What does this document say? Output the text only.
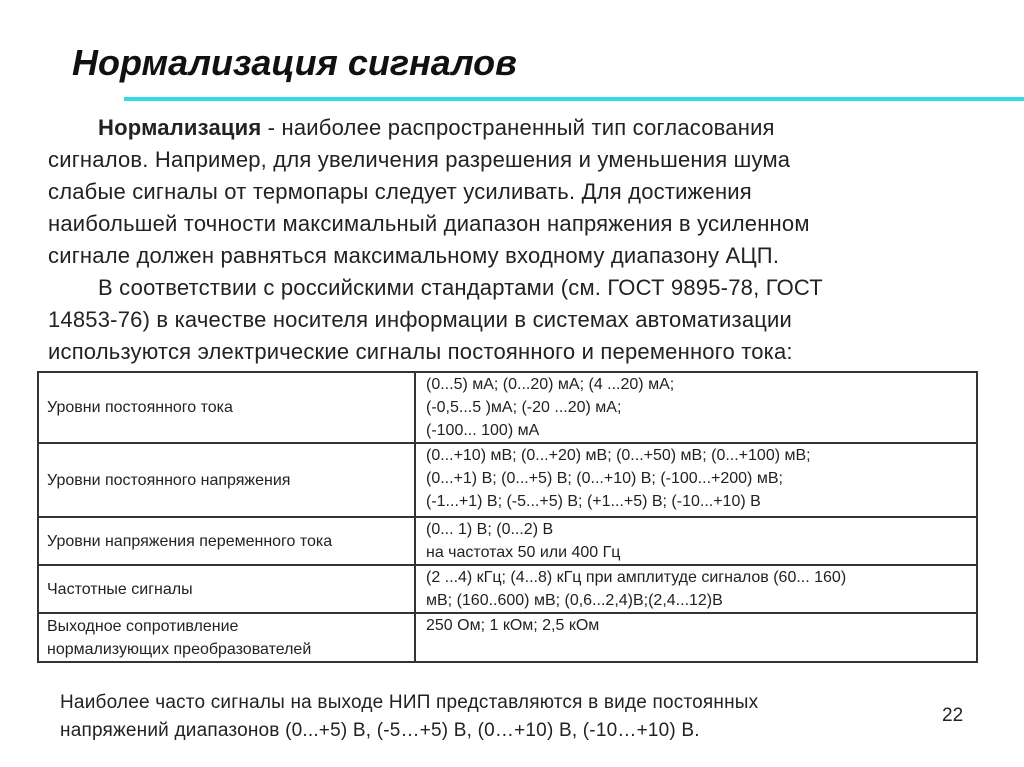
Нормализация сигналов

Нормализация - наиболее распространенный тип согласования
сигналов. Например, для увеличения разрешения и уменьшения шума
слабые сигналы от термопары следует усиливать. Для достижения
наибольшей точности максимальный диапазон напряжения в усиленном
сигнале должен равняться максимальному входному диапазону АЦП.

В соответствии с российскими стандартами (см. ГОСТ 9895-78, ГОСТ
14853-76) в качестве носителя информации в системах автоматизации
используются электрические сигналы постоянного и переменного тока:

Уровни постоянного тока	(0...5) мА; (0...20) мА; (4 ...20) мА;
(-0,5...5 )мА; (-20 ...20) мА;
(-100... 100) мА

Уровни постоянного напряжения	(0...+10) мВ; (0...+20) мВ; (0...+50) мВ; (0...+100) мВ;
(0...+1) В; (0...+5) В; (0...+10) В; (-100...+200) мВ;
(-1...+1) В; (-5...+5) В; (+1...+5) В; (-10...+10) В

Уровни напряжения переменного тока	(0... 1) В; (0...2) В
на частотах 50 или 400 Гц

Частотные сигналы	(2 ...4) кГц; (4...8) кГц при амплитуде сигналов (60... 160)
мВ; (160..600) мВ; (0,6...2,4)В;(2,4...12)В

Выходное сопротивление
нормализующих преобразователей	250 Ом; 1 кОм; 2,5 кОм
Наиболее часто сигналы на выходе НИП представляются в виде постоянных
напряжений диапазонов (0...+5) В, (-5…+5) В, (0…+10) В, (-10…+10) В.
22
